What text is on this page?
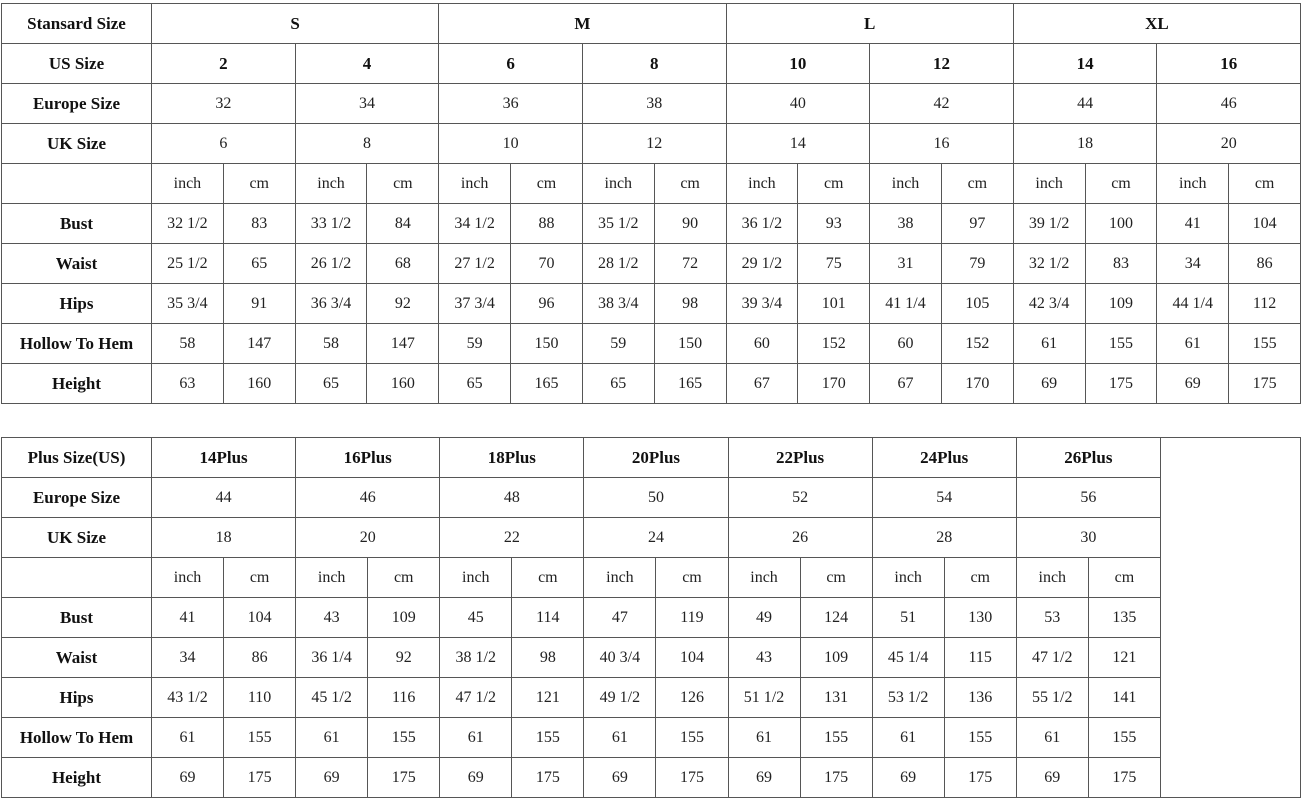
Stansard Size	S				M				L				XL			
US Size	2		4		6		8		10		12		14		16	
Europe Size	32		34		36		38		40		42		44		46	
UK Size	6		8		10		12		14		16		18		20	
	inch	cm	inch	cm	inch	cm	inch	cm	inch	cm	inch	cm	inch	cm	inch	cm
Bust	32 1/2	83	33 1/2	84	34 1/2	88	35 1/2	90	36 1/2	93	38	97	39 1/2	100	41	104
Waist	25 1/2	65	26 1/2	68	27 1/2	70	28 1/2	72	29 1/2	75	31	79	32 1/2	83	34	86
Hips	35 3/4	91	36 3/4	92	37 3/4	96	38 3/4	98	39 3/4	101	41 1/4	105	42 3/4	109	44 1/4	112
Hollow To Hem	58	147	58	147	59	150	59	150	60	152	60	152	61	155	61	155
Height	63	160	65	160	65	165	65	165	67	170	67	170	69	175	69	175
Plus Size(US)	14Plus		16Plus		18Plus		20Plus		22Plus		24Plus		26Plus		
Europe Size	44		46		48		50		52		54		56		
UK Size	18		20		22		24		26		28		30		
	inch	cm	inch	cm	inch	cm	inch	cm	inch	cm	inch	cm	inch	cm	
Bust	41	104	43	109	45	114	47	119	49	124	51	130	53	135	
Waist	34	86	36 1/4	92	38 1/2	98	40 3/4	104	43	109	45 1/4	115	47 1/2	121	
Hips	43 1/2	110	45 1/2	116	47 1/2	121	49 1/2	126	51 1/2	131	53 1/2	136	55 1/2	141	
Hollow To Hem	61	155	61	155	61	155	61	155	61	155	61	155	61	155	
Height	69	175	69	175	69	175	69	175	69	175	69	175	69	175	
